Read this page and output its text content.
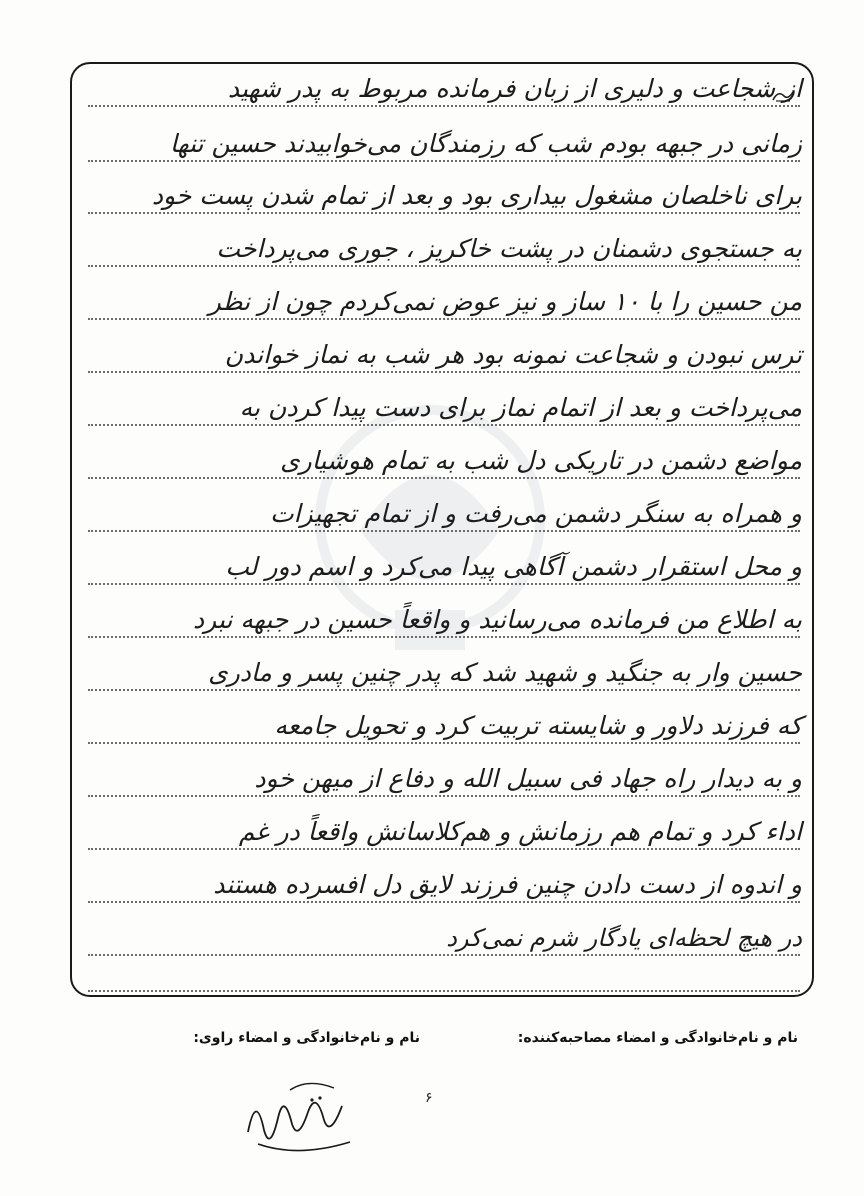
از شجاعت و دلیری از زبان فرمانده مربوط به پدر شهید
زمانی در جبهه بودم شب که رزمندگان می‌خوابیدند حسین تنها
برای ناخلصان مشغول بیداری بود و بعد از تمام شدن پست خود
به جستجوی دشمنان در پشت خاکریز ، جوری می‌پرداخت
من حسین را با ۱۰ ساز و نیز عوض نمی‌کردم چون از نظر
ترس نبودن و شجاعت نمونه بود هر شب به نماز خواندن
می‌پرداخت و بعد از اتمام نماز برای دست پیدا کردن به
مواضع دشمن در تاریکی دل شب به تمام هوشیاری
و همراه به سنگر دشمن می‌رفت و از تمام تجهیزات
و محل استقرار دشمن آگاهی پیدا می‌کرد و اسم دور لب
به اطلاع من فرمانده می‌رسانید و واقعاً حسین در جبهه نبرد
حسین وار به جنگید و شهید شد که پدر چنین پسر و مادری
که فرزند دلاور و شایسته تربیت کرد و تحویل جامعه
و به دیدار راه جهاد فی سبیل الله و دفاع از میهن خود
اداء کرد و تمام هم رزمانش و هم‌کلاسانش واقعاً در غم
و اندوه از دست دادن چنین فرزند لایق دل افسرده هستند
در هیچ لحظه‌ای یادگار شرم نمی‌کرد
نام و نام‌خانوادگی و امضاء مصاحبه‌کننده:
نام و نام‌خانوادگی و امضاء راوی:
۶
